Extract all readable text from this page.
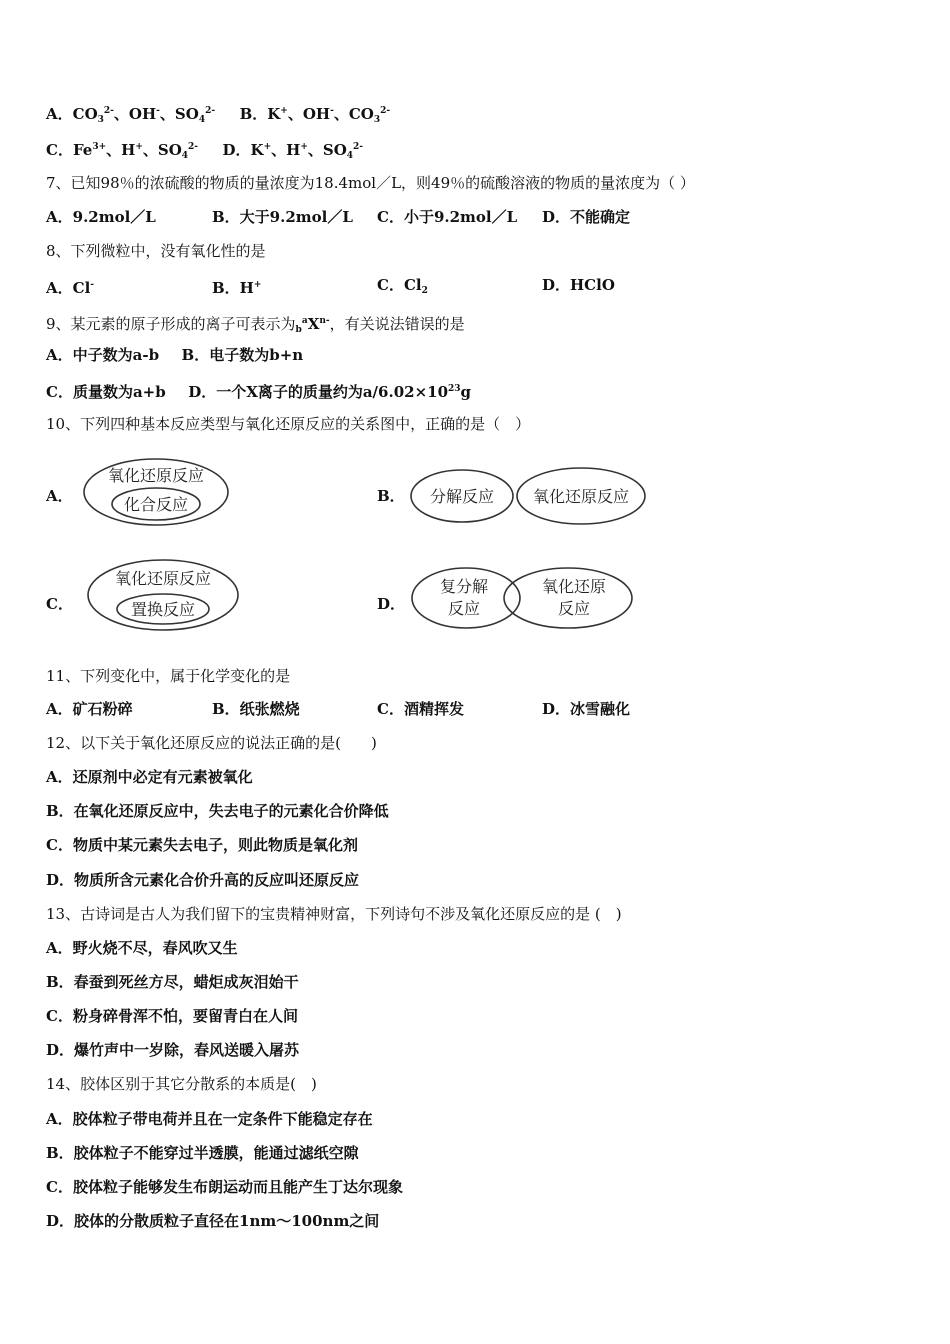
A．$CO_3^{2-}$、OH-、$SO_4^{2-}$ B．K+、OH-、$CO_3^{2-}$
C．$Fe^{3+}$、H+、$SO_4^{2-}$ D．K+、H+、$SO_4^{2-}$
7、已知98％的浓硫酸的物质的量浓度为18.4mol／L，则49％的硫酸溶液的物质的量浓度为（ ）
A．9.2mol／L	B．大于9.2mol／L C．小于9.2mol／L D．不能确定
8、下列微粒中，没有氧化性的是
A．Cl-	B．H+	C．$Cl_2$	D．HClO
9、某元素的原子形成的离子可表示为$_b^aX^{n-}$，有关说法错误的是
A．中子数为a-b B．电子数为b+n
C．质量数为a+b D．一个X离子的质量约为$a/6.02\times 10^{23}g$
10、下列四种基本反应类型与氧化还原反应的关系图中，正确的是（　）
A．
氧化还原反应
化合反应	B． 分解反应 氧化还原反应
C．
氧化还原反应
置换反应	D．
复分解
反应
氧化还原
反应
11、下列变化中，属于化学变化的是
A．矿石粉碎	B．纸张燃烧	C．酒精挥发	D．冰雪融化
12、以下关于氧化还原反应的说法正确的是(　　)
A．还原剂中必定有元素被氧化
B．在氧化还原反应中，失去电子的元素化合价降低
C．物质中某元素失去电子，则此物质是氧化剂
D．物质所含元素化合价升高的反应叫还原反应
13、古诗词是古人为我们留下的宝贵精神财富，下列诗句不涉及氧化还原反应的是 (　)
A．野火烧不尽，春风吹又生
B．春蚕到死丝方尽，蜡炬成灰泪始干
C．粉身碎骨浑不怕，要留青白在人间
D．爆竹声中一岁除，春风送暖入屠苏
14、胶体区别于其它分散系的本质是(　)
A．胶体粒子带电荷并且在一定条件下能稳定存在
B．胶体粒子不能穿过半透膜，能通过滤纸空隙
C．胶体粒子能够发生布朗运动而且能产生丁达尔现象
D．胶体的分散质粒子直径在1nm～100nm之间
